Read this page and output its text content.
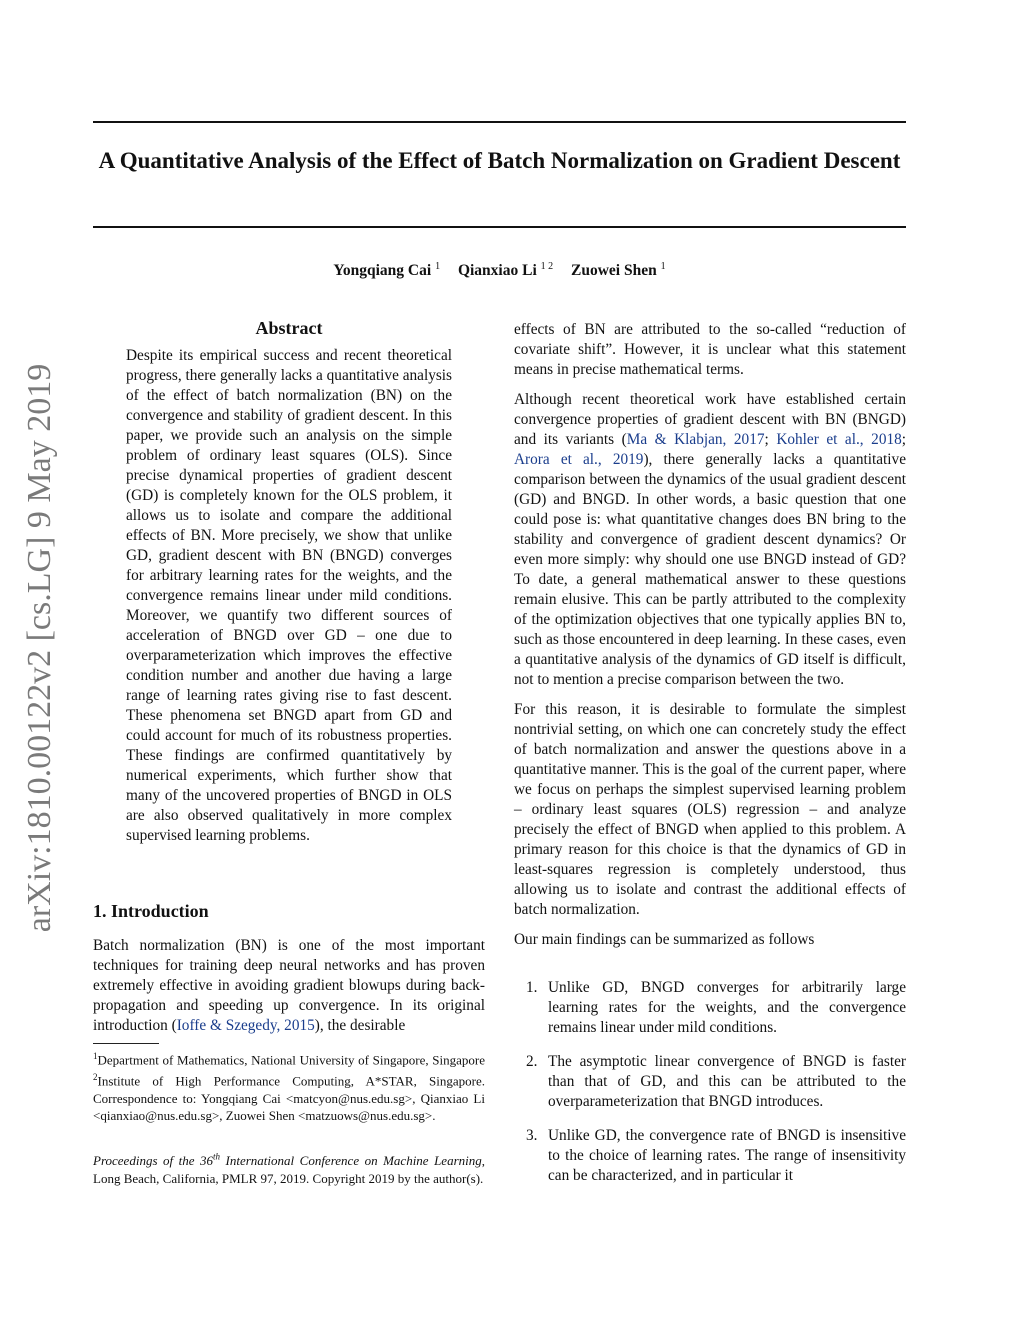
arXiv:1810.00122v2 [cs.LG] 9 May 2019
A Quantitative Analysis of the Effect of Batch Normalization on Gradient Descent
Yongqiang Cai $^1$ Qianxiao Li $^{1 2}$ Zuowei Shen $^1$
Abstract
Despite its empirical success and recent theoretical progress, there generally lacks a quantitative analysis of the effect of batch normalization (BN) on the convergence and stability of gradient descent. In this paper, we provide such an analysis on the simple problem of ordinary least squares (OLS). Since precise dynamical properties of gradient descent (GD) is completely known for the OLS problem, it allows us to isolate and compare the additional effects of BN. More precisely, we show that unlike GD, gradient descent with BN (BNGD) converges for arbitrary learning rates for the weights, and the convergence remains linear under mild conditions. Moreover, we quantify two different sources of acceleration of BNGD over GD – one due to overparameterization which improves the effective condition number and another due having a large range of learning rates giving rise to fast descent. These phenomena set BNGD apart from GD and could account for much of its robustness properties. These findings are confirmed quantitatively by numerical experiments, which further show that many of the uncovered properties of BNGD in OLS are also observed qualitatively in more complex supervised learning problems.
1. Introduction
Batch normalization (BN) is one of the most important techniques for training deep neural networks and has proven extremely effective in avoiding gradient blowups during back-propagation and speeding up convergence. In its original introduction (Ioffe & Szegedy, 2015), the desirable
$^1$Department of Mathematics, National University of Singapore, Singapore $^2$Institute of High Performance Computing, A*STAR, Singapore. Correspondence to: Yongqiang Cai <matcyon@nus.edu.sg>, Qianxiao Li <qianxiao@nus.edu.sg>, Zuowei Shen <matzuows@nus.edu.sg>.
Proceedings of the 36th International Conference on Machine Learning, Long Beach, California, PMLR 97, 2019. Copyright 2019 by the author(s).

effects of BN are attributed to the so-called “reduction of covariate shift”. However, it is unclear what this statement means in precise mathematical terms.

Although recent theoretical work have established certain convergence properties of gradient descent with BN (BNGD) and its variants (Ma & Klabjan, 2017; Kohler et al., 2018; Arora et al., 2019), there generally lacks a quantitative comparison between the dynamics of the usual gradient descent (GD) and BNGD. In other words, a basic question that one could pose is: what quantitative changes does BN bring to the stability and convergence of gradient descent dynamics? Or even more simply: why should one use BNGD instead of GD? To date, a general mathematical answer to these questions remain elusive. This can be partly attributed to the complexity of the optimization objectives that one typically applies BN to, such as those encountered in deep learning. In these cases, even a quantitative analysis of the dynamics of GD itself is difficult, not to mention a precise comparison between the two.

For this reason, it is desirable to formulate the simplest nontrivial setting, on which one can concretely study the effect of batch normalization and answer the questions above in a quantitative manner. This is the goal of the current paper, where we focus on perhaps the simplest supervised learning problem – ordinary least squares (OLS) regression – and analyze precisely the effect of BNGD when applied to this problem. A primary reason for this choice is that the dynamics of GD in least-squares regression is completely understood, thus allowing us to isolate and contrast the additional effects of batch normalization.

Our main findings can be summarized as follows

1. Unlike GD, BNGD converges for arbitrarily large learning rates for the weights, and the convergence remains linear under mild conditions.
2. The asymptotic linear convergence of BNGD is faster than that of GD, and this can be attributed to the overparameterization that BNGD introduces.
3. Unlike GD, the convergence rate of BNGD is insensitive to the choice of learning rates. The range of insensitivity can be characterized, and in particular it
